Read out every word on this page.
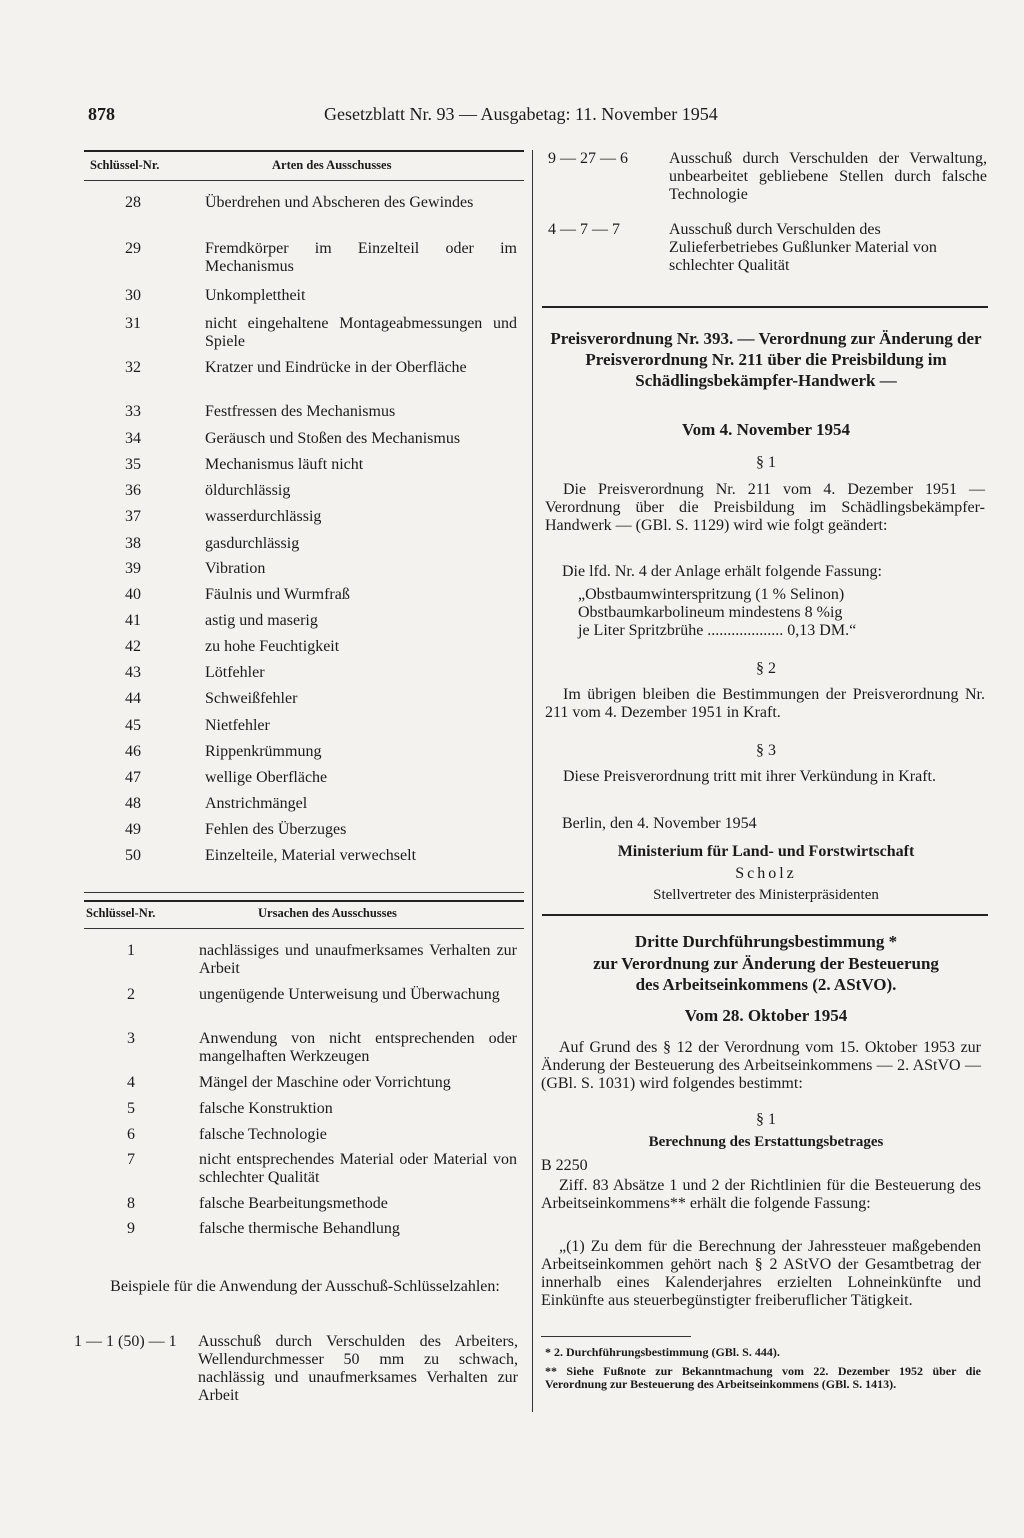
878	Gesetzblatt Nr. 93 — Ausgabetag: 11. November 1954
Schlüssel-Nr.	Arten des Ausschusses
28	Überdrehen und Abscheren des Gewindes
29	Fremdkörper im Einzelteil oder im Mechanismus
30	Unkomplettheit
31	nicht eingehaltene Montageabmessungen und Spiele
32	Kratzer und Eindrücke in der Oberfläche
33	Festfressen des Mechanismus
34	Geräusch und Stoßen des Mechanismus
35	Mechanismus läuft nicht
36	öldurchlässig
37	wasserdurchlässig
38	gasdurchlässig
39	Vibration
40	Fäulnis und Wurmfraß
41	astig und maserig
42	zu hohe Feuchtigkeit
43	Lötfehler
44	Schweißfehler
45	Nietfehler
46	Rippenkrümmung
47	wellige Oberfläche
48	Anstrichmängel
49	Fehlen des Überzuges
50	Einzelteile, Material verwechselt
Schlüssel-Nr.	Ursachen des Ausschusses
1	nachlässiges und unaufmerksames Verhalten zur Arbeit
2	ungenügende Unterweisung und Überwachung
3	Anwendung von nicht entsprechenden oder mangelhaften Werkzeugen
4	Mängel der Maschine oder Vorrichtung
5	falsche Konstruktion
6	falsche Technologie
7	nicht entsprechendes Material oder Material von schlechter Qualität
8	falsche Bearbeitungsmethode
9	falsche thermische Behandlung
Beispiele für die Anwendung der Ausschuß-Schlüsselzahlen:
1 — 1 (50) — 1 Ausschuß durch Verschulden des Arbeiters, Wellendurchmesser 50 mm zu schwach, nachlässig und unaufmerksames Verhalten zur Arbeit
9 — 27 — 6	Ausschuß durch Verschulden der Verwaltung, unbearbeitet gebliebene Stellen durch falsche Technologie
4 — 7 — 7	Ausschuß durch Verschulden des Zulieferbetriebes Gußlunker Material von schlechter Qualität
Preisverordnung Nr. 393. — Verordnung zur Änderung der Preisverordnung Nr. 211 über die Preisbildung im Schädlingsbekämpfer-Handwerk —
Vom 4. November 1954
§ 1
Die Preisverordnung Nr. 211 vom 4. Dezember 1951 — Verordnung über die Preisbildung im Schädlingsbekämpfer-Handwerk — (GBl. S. 1129) wird wie folgt geändert:
Die lfd. Nr. 4 der Anlage erhält folgende Fassung:
„Obstbaumwinterspritzung (1 % Selinon)
Obstbaumkarbolineum mindestens 8 %ig
je Liter Spritzbrühe ................... 0,13 DM.“
§ 2
Im übrigen bleiben die Bestimmungen der Preisverordnung Nr. 211 vom 4. Dezember 1951 in Kraft.
§ 3
Diese Preisverordnung tritt mit ihrer Verkündung in Kraft.
Berlin, den 4. November 1954
Ministerium für Land- und Forstwirtschaft
Scholz
Stellvertreter des Ministerpräsidenten
Dritte Durchführungsbestimmung *
zur Verordnung zur Änderung der Besteuerung
des Arbeitseinkommens (2. AStVO).
Vom 28. Oktober 1954
Auf Grund des § 12 der Verordnung vom 15. Oktober 1953 zur Änderung der Besteuerung des Arbeitseinkommens — 2. AStVO — (GBl. S. 1031) wird folgendes bestimmt:
§ 1
Berechnung des Erstattungsbetrages
B 2250
Ziff. 83 Absätze 1 und 2 der Richtlinien für die Besteuerung des Arbeitseinkommens** erhält die folgende Fassung:
„(1) Zu dem für die Berechnung der Jahressteuer maßgebenden Arbeitseinkommen gehört nach § 2 AStVO der Gesamtbetrag der innerhalb eines Kalenderjahres erzielten Lohneinkünfte und Einkünfte aus steuerbegünstigter freiberuflicher Tätigkeit.
* 2. Durchführungsbestimmung (GBl. S. 444).
** Siehe Fußnote zur Bekanntmachung vom 22. Dezember 1952 über die Verordnung zur Besteuerung des Arbeitseinkommens (GBl. S. 1413).
